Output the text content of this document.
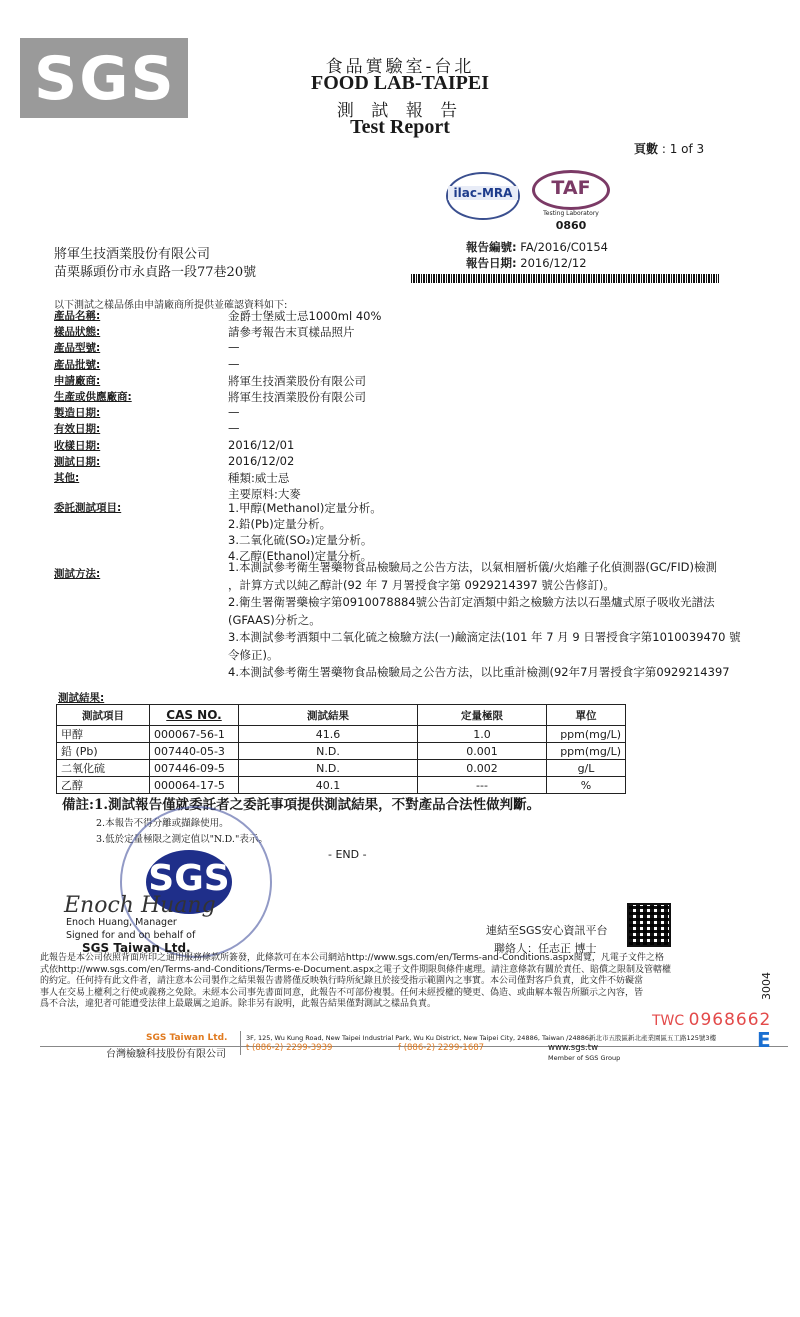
SGS	食品實驗室-台北
FOOD LAB-TAIPEI
測 試 報 告
Test Report
頁數 : 1 of 3
ilac-MRA	TAF
Testing Laboratory
0860
將軍生技酒業股份有限公司
苗栗縣頭份市永貞路一段77巷20號
報告編號: FA/2016/C0154
報告日期: 2016/12/12
以下測試之樣品係由申請廠商所提供並確認資料如下:
產品名稱:	金爵士堡威士忌1000ml 40%
樣品狀態:	請參考報告末頁樣品照片
產品型號:	—
產品批號:	—
申請廠商:	將軍生技酒業股份有限公司
生產或供應廠商:	將軍生技酒業股份有限公司
製造日期:	—
有效日期:	—
收樣日期:	2016/12/01
測試日期:	2016/12/02
其他:	種類:威士忌
主要原料:大麥
委託測試項目:	1.甲醇(Methanol)定量分析。
2.鉛(Pb)定量分析。
3.二氧化硫(SO₂)定量分析。
4.乙醇(Ethanol)定量分析。
測試方法:	1.本測試參考衛生署藥物食品檢驗局之公告方法，以氣相層析儀/火焰離子化偵測器(GC/FID)檢測
，計算方式以純乙醇計(92 年 7 月署授食字第 0929214397 號公告修訂)。
2.衛生署衛署藥檢字第0910078884號公告訂定酒類中鉛之檢驗方法以石墨爐式原子吸收光譜法
(GFAAS)分析之。
3.本測試參考酒類中二氧化硫之檢驗方法(一)鹼滴定法(101 年 7 月 9 日署授食字第1010039470 號
令修正)。
4.本測試參考衛生署藥物食品檢驗局之公告方法，以比重計檢測(92年7月署授食字第0929214397
測試結果:
測試項目	CAS NO.	測試結果	定量極限	單位
甲醇	000067-56-1	41.6	1.0	ppm(mg/L)
鉛 (Pb)	007440-05-3	N.D.	0.001	ppm(mg/L)
二氧化硫	007446-09-5	N.D.	0.002	g/L
乙醇	000064-17-5	40.1	---	%
備註:1.測試報告僅就委託者之委託事項提供測試結果，不對產品合法性做判斷。
2.本報告不得分離或擷錄使用。
3.低於定量極限之測定值以"N.D."表示。
- END -
SGS
Enoch Huang
Enoch Huang, Manager
Signed for and on behalf of
SGS Taiwan Ltd.
連結至SGS安心資訊平台
聯絡人：任志正 博士
此報告是本公司依照背面所印之通用服務條款所簽發，此條款可在本公司網站http://www.sgs.com/en/Terms-and-Conditions.aspx閱覽，凡電子文件之格
式依http://www.sgs.com/en/Terms-and-Conditions/Terms-e-Document.aspx之電子文件期限與條件處理。請注意條款有關於責任、賠償之限制及管轄權
的約定。任何持有此文件者，請注意本公司製作之結果報告書將僅反映執行時所紀錄且於接受指示範圍內之事實。本公司僅對客戶負責，此文件不妨礙當
事人在交易上權利之行使或義務之免除。未經本公司事先書面同意，此報告不可部份複製。任何未經授權的變更、偽造、或曲解本報告所顯示之內容，皆
爲不合法，違犯者可能遭受法律上最嚴厲之追訴。除非另有說明，此報告結果僅對測試之樣品負責。
TWC 0968662
3004
SGS Taiwan Ltd.
台灣檢驗科技股份有限公司
3F, 125, Wu Kung Road, New Taipei Industrial Park, Wu Ku District, New Taipei City, 24886, Taiwan /24886新北市五股區新北產業園區五工路125號3樓
t (886-2) 2299-3939	f (886-2) 2299-1687	www.sgs.tw
Member of SGS Group
E
